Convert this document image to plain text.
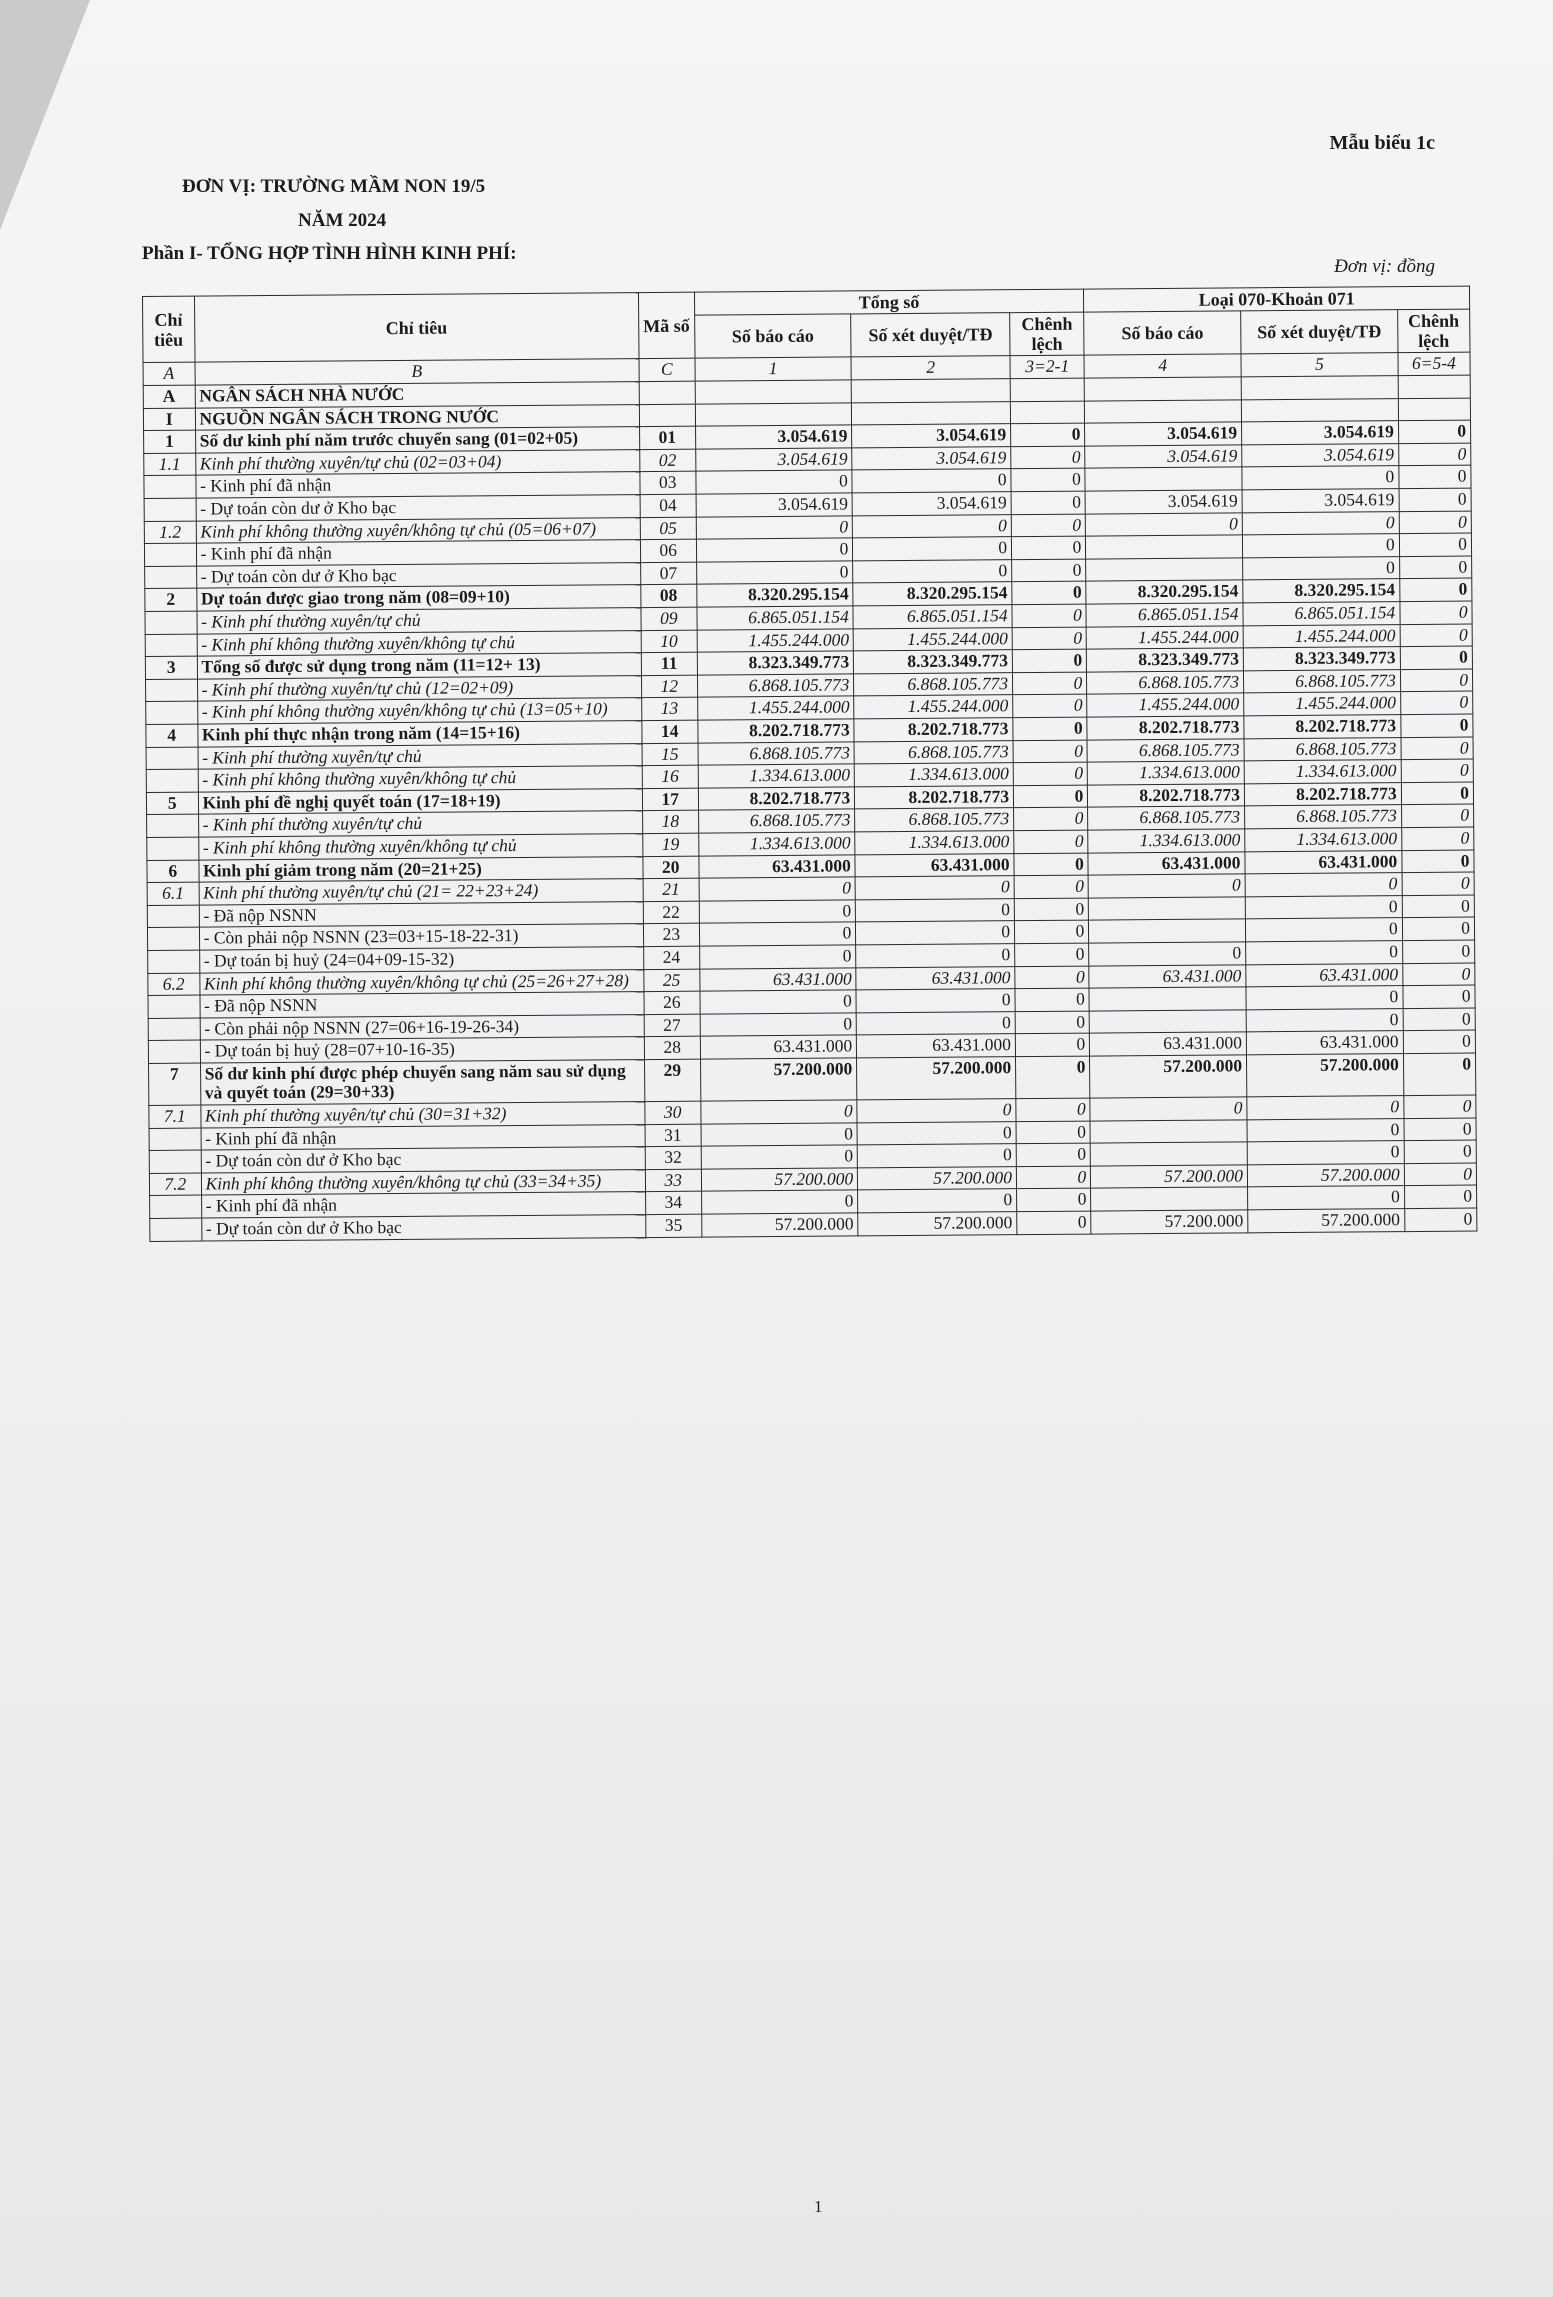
Mẫu biểu 1c
ĐƠN VỊ: TRƯỜNG MẦM NON 19/5
NĂM 2024
Phần I- TỔNG HỢP TÌNH HÌNH KINH PHÍ:
Đơn vị: đồng
Chỉ tiêu	Chỉ tiêu	Mã số	Tổng số			Loại 070-Khoản 071		
			Số báo cáo	Số xét duyệt/TĐ	Chênh lệch	Số báo cáo	Số xét duyệt/TĐ	Chênh lệch
A	B	C	1	2	3=2-1	4	5	6=5-4
A	NGÂN SÁCH NHÀ NƯỚC							
I	NGUỒN NGÂN SÁCH TRONG NƯỚC							
1	Số dư kinh phí năm trước chuyển sang (01=02+05)	01	3.054.619	3.054.619	0	3.054.619	3.054.619	0
1.1	Kinh phí thường xuyên/tự chủ (02=03+04)	02	3.054.619	3.054.619	0	3.054.619	3.054.619	0
	- Kinh phí đã nhận	03	0	0	0		0	0
	- Dự toán còn dư ở Kho bạc	04	3.054.619	3.054.619	0	3.054.619	3.054.619	0
1.2	Kinh phí không thường xuyên/không tự chủ (05=06+07)	05	0	0	0	0	0	0
	- Kinh phí đã nhận	06	0	0	0		0	0
	- Dự toán còn dư ở Kho bạc	07	0	0	0		0	0
2	Dự toán được giao trong năm (08=09+10)	08	8.320.295.154	8.320.295.154	0	8.320.295.154	8.320.295.154	0
	- Kinh phí thường xuyên/tự chủ	09	6.865.051.154	6.865.051.154	0	6.865.051.154	6.865.051.154	0
	- Kinh phí không thường xuyên/không tự chủ	10	1.455.244.000	1.455.244.000	0	1.455.244.000	1.455.244.000	0
3	Tổng số được sử dụng trong năm (11=12+ 13)	11	8.323.349.773	8.323.349.773	0	8.323.349.773	8.323.349.773	0
	- Kinh phí thường xuyên/tự chủ (12=02+09)	12	6.868.105.773	6.868.105.773	0	6.868.105.773	6.868.105.773	0
	- Kinh phí không thường xuyên/không tự chủ (13=05+10)	13	1.455.244.000	1.455.244.000	0	1.455.244.000	1.455.244.000	0
4	Kinh phí thực nhận trong năm (14=15+16)	14	8.202.718.773	8.202.718.773	0	8.202.718.773	8.202.718.773	0
	- Kinh phí thường xuyên/tự chủ	15	6.868.105.773	6.868.105.773	0	6.868.105.773	6.868.105.773	0
	- Kinh phí không thường xuyên/không tự chủ	16	1.334.613.000	1.334.613.000	0	1.334.613.000	1.334.613.000	0
5	Kinh phí đề nghị quyết toán (17=18+19)	17	8.202.718.773	8.202.718.773	0	8.202.718.773	8.202.718.773	0
	- Kinh phí thường xuyên/tự chủ	18	6.868.105.773	6.868.105.773	0	6.868.105.773	6.868.105.773	0
	- Kinh phí không thường xuyên/không tự chủ	19	1.334.613.000	1.334.613.000	0	1.334.613.000	1.334.613.000	0
6	Kinh phí giảm trong năm (20=21+25)	20	63.431.000	63.431.000	0	63.431.000	63.431.000	0
6.1	Kinh phí thường xuyên/tự chủ (21= 22+23+24)	21	0	0	0	0	0	0
	- Đã nộp NSNN	22	0	0	0		0	0
	- Còn phải nộp NSNN (23=03+15-18-22-31)	23	0	0	0		0	0
	- Dự toán bị huỷ (24=04+09-15-32)	24	0	0	0	0	0	0
6.2	Kinh phí không thường xuyên/không tự chủ (25=26+27+28)	25	63.431.000	63.431.000	0	63.431.000	63.431.000	0
	- Đã nộp NSNN	26	0	0	0		0	0
	- Còn phải nộp NSNN (27=06+16-19-26-34)	27	0	0	0		0	0
	- Dự toán bị huỷ (28=07+10-16-35)	28	63.431.000	63.431.000	0	63.431.000	63.431.000	0
7	Số dư kinh phí được phép chuyển sang năm sau sử dụng và quyết toán (29=30+33)	29	57.200.000	57.200.000	0	57.200.000	57.200.000	0
7.1	Kinh phí thường xuyên/tự chủ (30=31+32)	30	0	0	0	0	0	0
	- Kinh phí đã nhận	31	0	0	0		0	0
	- Dự toán còn dư ở Kho bạc	32	0	0	0		0	0
7.2	Kinh phí không thường xuyên/không tự chủ (33=34+35)	33	57.200.000	57.200.000	0	57.200.000	57.200.000	0
	- Kinh phí đã nhận	34	0	0	0		0	0
	- Dự toán còn dư ở Kho bạc	35	57.200.000	57.200.000	0	57.200.000	57.200.000	0
1
